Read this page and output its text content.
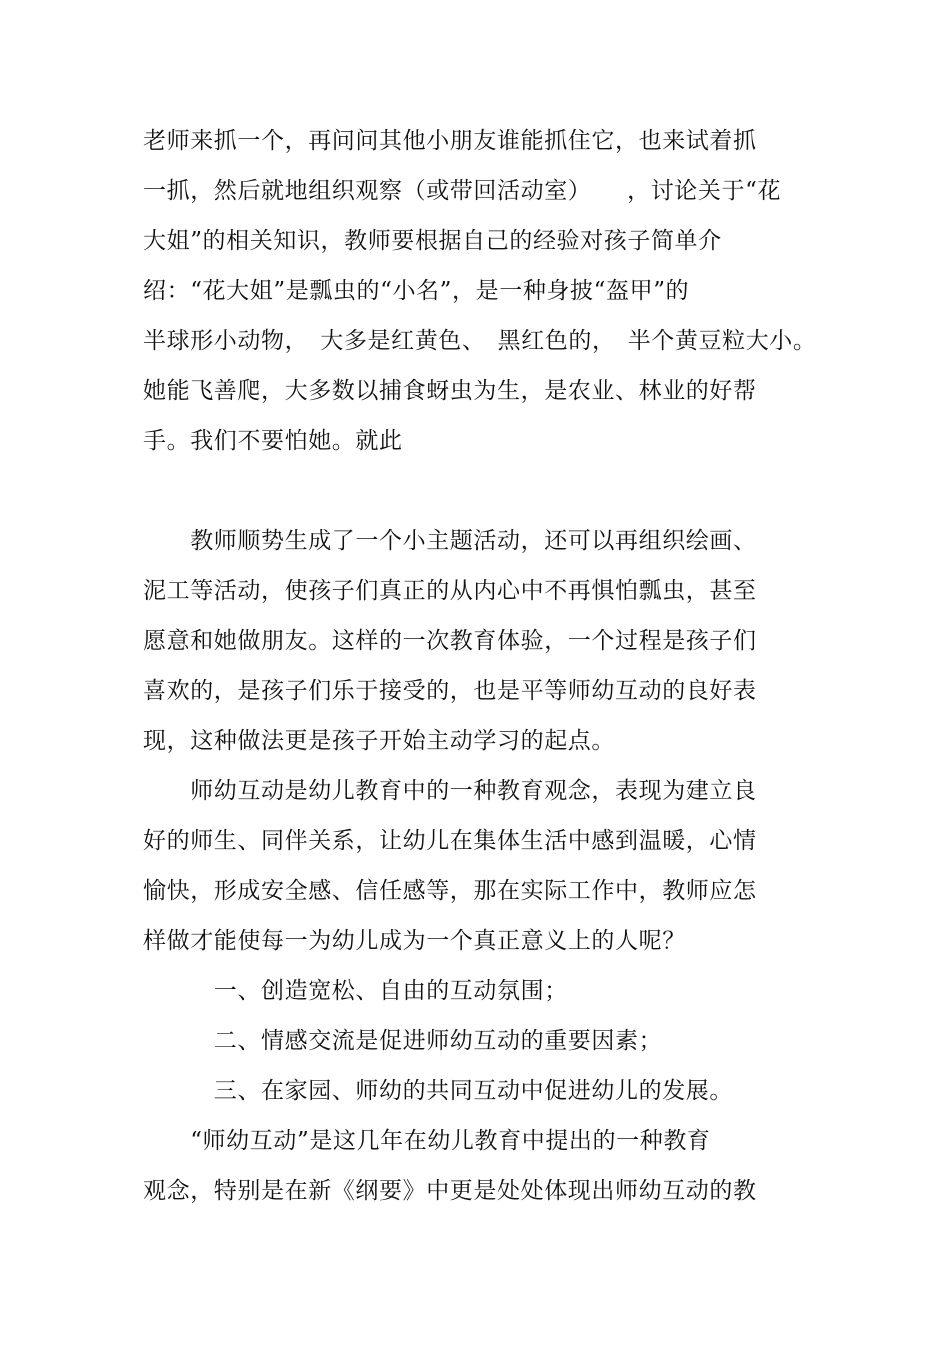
老师来抓一个，再问问其他小朋友谁能抓住它，也来试着抓
一抓，然后就地组织观察（或带回活动室）　　，讨论关于“花
大姐”的相关知识，教师要根据自己的经验对孩子简单介
绍：“花大姐”是瓢虫的“小名”，是一种身披“盔甲”的
半球形小动物，　大多是红黄色、　黑红色的，　半个黄豆粒大小。
她能飞善爬，大多数以捕食蚜虫为生，是农业、林业的好帮
手。我们不要怕她。就此
　　教师顺势生成了一个小主题活动，还可以再组织绘画、
泥工等活动，使孩子们真正的从内心中不再惧怕瓢虫，甚至
愿意和她做朋友。这样的一次教育体验，一个过程是孩子们
喜欢的，是孩子们乐于接受的，也是平等师幼互动的良好表
现，这种做法更是孩子开始主动学习的起点。
　　师幼互动是幼儿教育中的一种教育观念，表现为建立良
好的师生、同伴关系，让幼儿在集体生活中感到温暖，心情
愉快，形成安全感、信任感等，那在实际工作中，教师应怎
样做才能使每一为幼儿成为一个真正意义上的人呢？
　　　一、创造宽松、自由的互动氛围；
　　　二、情感交流是促进师幼互动的重要因素；
　　　三、在家园、师幼的共同互动中促进幼儿的发展。
　　“师幼互动”是这几年在幼儿教育中提出的一种教育
观念，特别是在新《纲要》中更是处处体现出师幼互动的教
